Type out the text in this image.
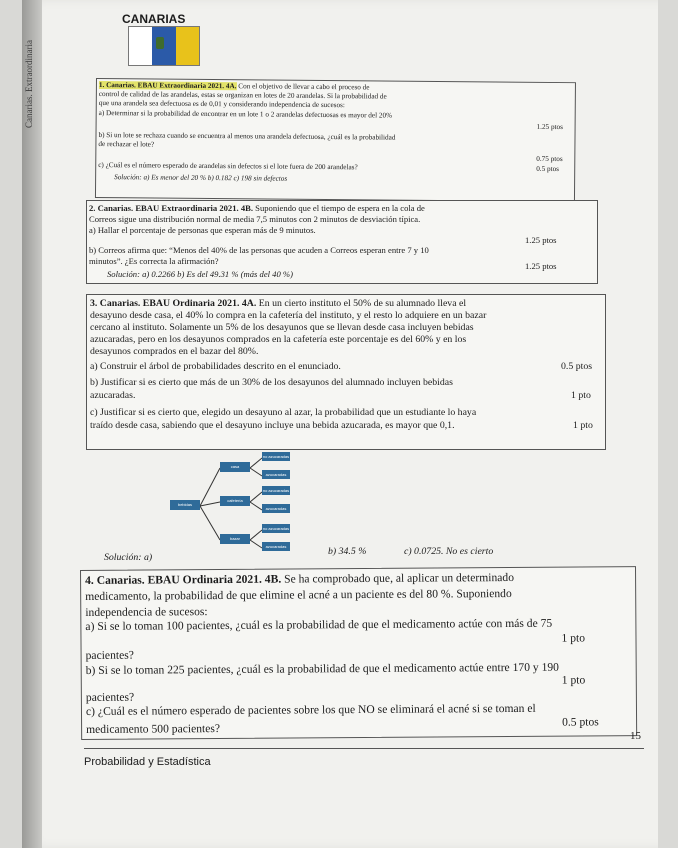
Canarias. Extraordinaria
CANARIAS
1. Canarias. EBAU Extraordinaria 2021. 4A. Con el objetivo de llevar a cabo el proceso de
control de calidad de las arandelas, estas se organizan en lotes de 20 arandelas. Si la probabilidad de
que una arandela sea defectuosa es de 0,01 y considerando independencia de sucesos:
a) Determinar si la probabilidad de encontrar en un lote 1 o 2 arandelas defectuosas es mayor del 20%
1.25 ptos
b) Si un lote se rechaza cuando se encuentra al menos una arandela defectuosa, ¿cuál es la probabilidad
de rechazar el lote?
0.75 ptos
c) ¿Cuál es el número esperado de arandelas sin defectos si el lote fuera de 200 arandelas?	0.5 ptos
Solución: a) Es menor del 20 % b) 0.182 c) 198 sin defectos
2. Canarias. EBAU Extraordinaria 2021. 4B. Suponiendo que el tiempo de espera en la cola de
Correos sigue una distribución normal de media 7,5 minutos con 2 minutos de desviación típica.
a) Hallar el porcentaje de personas que esperan más de 9 minutos.
1.25 ptos
b) Correos afirma que: “Menos del 40% de las personas que acuden a Correos esperan entre 7 y 10
minutos”. ¿Es correcta la afirmación?	1.25 ptos
Solución: a) 0.2266 b) Es del 49.31 % (más del 40 %)
3. Canarias. EBAU Ordinaria 2021. 4A. En un cierto instituto el 50% de su alumnado lleva el
desayuno desde casa, el 40% lo compra en la cafetería del instituto, y el resto lo adquiere en un bazar
cercano al instituto. Solamente un 5% de los desayunos que se llevan desde casa incluyen bebidas
azucaradas, pero en los desayunos comprados en la cafetería este porcentaje es del 60% y en los
desayunos comprados en el bazar del 80%.
a) Construir el árbol de probabilidades descrito en el enunciado.	0.5 ptos
b) Justificar si es cierto que más de un 30% de los desayunos del alumnado incluyen bebidas
azucaradas.	1 pto
c) Justificar si es cierto que, elegido un desayuno al azar, la probabilidad que un estudiante lo haya
traído desde casa, sabiendo que el desayuno incluye una bebida azucarada, es mayor que 0,1.	1 pto
bebidas
casa
cafetería
bazar
no azucaradas
azucaradas
no azucaradas
azucaradas
no azucaradas
azucaradas
Solución: a)
b) 34.5 %	c) 0.0725. No es cierto
4. Canarias. EBAU Ordinaria 2021. 4B. Se ha comprobado que, al aplicar un determinado
medicamento, la probabilidad de que elimine el acné a un paciente es del 80 %. Suponiendo
independencia de sucesos:
a) Si se lo toman 100 pacientes, ¿cuál es la probabilidad de que el medicamento actúe con más de 75
1 pto
pacientes?
b) Si se lo toman 225 pacientes, ¿cuál es la probabilidad de que el medicamento actúe entre 170 y 190
1 pto
pacientes?
c) ¿Cuál es el número esperado de pacientes sobre los que NO se eliminará el acné si se toman el
0.5 ptos
medicamento 500 pacientes?
15
Probabilidad y Estadística
